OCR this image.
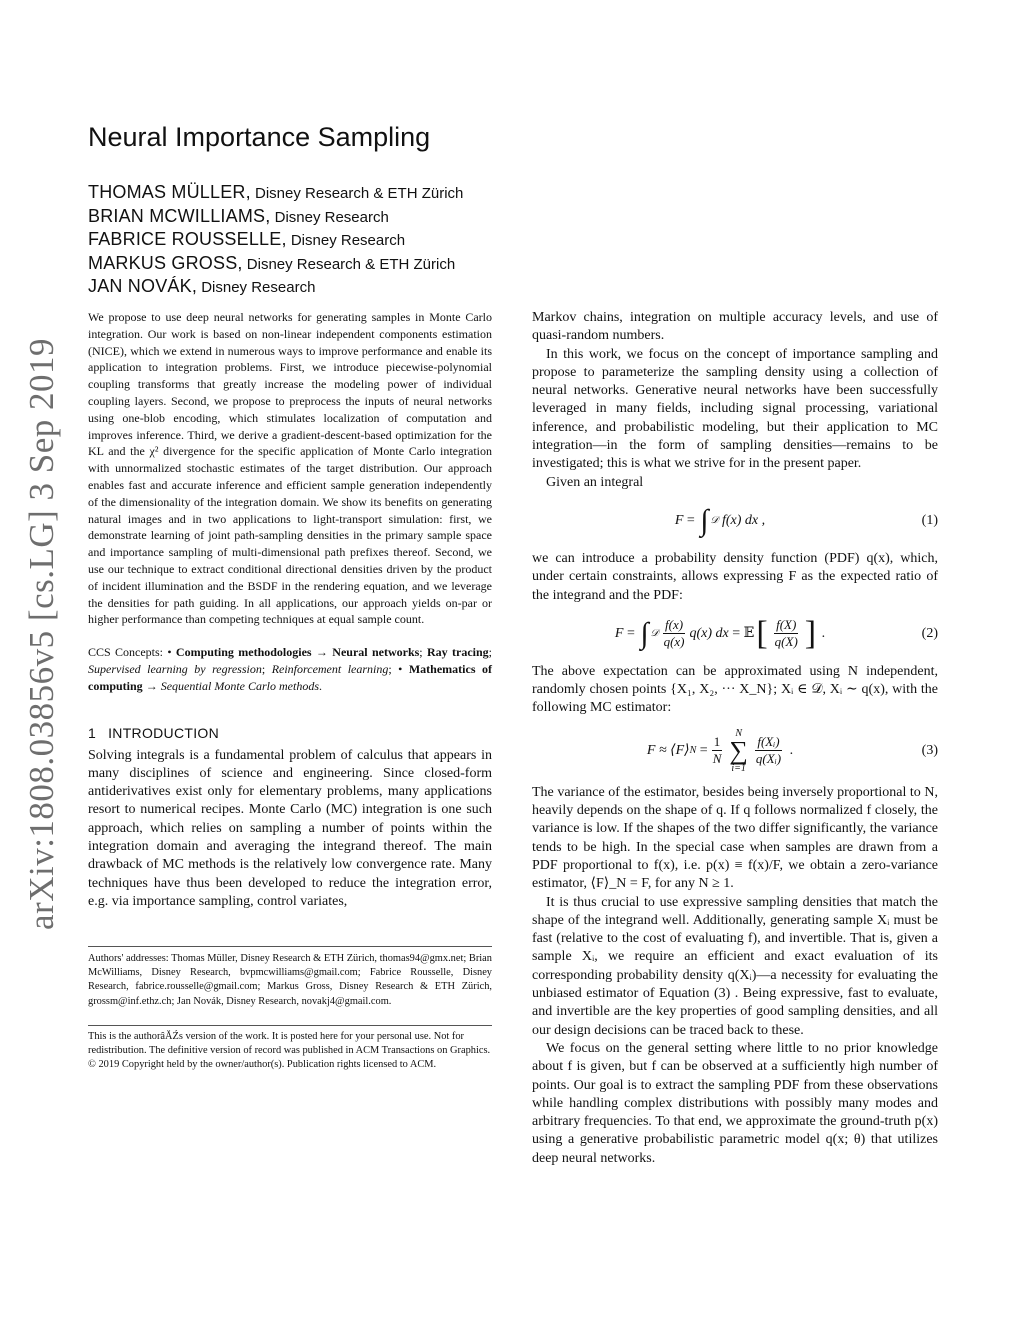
arXiv:1808.03856v5 [cs.LG] 3 Sep 2019
Neural Importance Sampling
THOMAS MÜLLER, Disney Research & ETH Zürich
BRIAN MCWILLIAMS, Disney Research
FABRICE ROUSSELLE, Disney Research
MARKUS GROSS, Disney Research & ETH Zürich
JAN NOVÁK, Disney Research

We propose to use deep neural networks for generating samples in Monte Carlo integration. Our work is based on non-linear independent components estimation (NICE), which we extend in numerous ways to improve performance and enable its application to integration problems. First, we introduce piecewise-polynomial coupling transforms that greatly increase the modeling power of individual coupling layers. Second, we propose to preprocess the inputs of neural networks using one-blob encoding, which stimulates localization of computation and improves inference. Third, we derive a gradient-descent-based optimization for the KL and the χ² divergence for the specific application of Monte Carlo integration with unnormalized stochastic estimates of the target distribution. Our approach enables fast and accurate inference and efficient sample generation independently of the dimensionality of the integration domain. We show its benefits on generating natural images and in two applications to light-transport simulation: first, we demonstrate learning of joint path-sampling densities in the primary sample space and importance sampling of multi-dimensional path prefixes thereof. Second, we use our technique to extract conditional directional densities driven by the product of incident illumination and the BSDF in the rendering equation, and we leverage the densities for path guiding. In all applications, our approach yields on-par or higher performance than competing techniques at equal sample count.

CCS Concepts: • Computing methodologies → Neural networks; Ray tracing; Supervised learning by regression; Reinforcement learning; • Mathematics of computing → Sequential Monte Carlo methods.

1 INTRODUCTION

Solving integrals is a fundamental problem of calculus that appears in many disciplines of science and engineering. Since closed-form antiderivatives exist only for elementary problems, many applications resort to numerical recipes. Monte Carlo (MC) integration is one such approach, which relies on sampling a number of points within the integration domain and averaging the integrand thereof. The main drawback of MC methods is the relatively low convergence rate. Many techniques have thus been developed to reduce the integration error, e.g. via importance sampling, control variates,

Authors' addresses: Thomas Müller, Disney Research & ETH Zürich, thomas94@gmx.net; Brian McWilliams, Disney Research, bvpmcwilliams@gmail.com; Fabrice Rousselle, Disney Research, fabrice.rousselle@gmail.com; Markus Gross, Disney Research & ETH Zürich, grossm@inf.ethz.ch; Jan Novák, Disney Research, novakj4@gmail.com.
This is the authorâĂŹs version of the work. It is posted here for your personal use. Not for redistribution. The definitive version of record was published in ACM Transactions on Graphics.
© 2019 Copyright held by the owner/author(s). Publication rights licensed to ACM.

Markov chains, integration on multiple accuracy levels, and use of quasi-random numbers.

In this work, we focus on the concept of importance sampling and propose to parameterize the sampling density using a collection of neural networks. Generative neural networks have been successfully leveraged in many fields, including signal processing, variational inference, and probabilistic modeling, but their application to MC integration—in the form of sampling densities—remains to be investigated; this is what we strive for in the present paper.

Given an integral

F
=
∫ 𝒟
f(x) dx ,	(1)

we can introduce a probability density function (PDF) q(x), which, under certain constraints, allows expressing F as the expected ratio of the integrand and the PDF:

F
=
∫ 𝒟 $\frac{f(x)}{q(x)} q(x)$ dx
=
𝔼 [ $\frac{f(X)}{q(X)}$ ]
.	(2)

The above expectation can be approximated using N independent, randomly chosen points {X₁, X₂, ··· X_N}; Xᵢ ∈ 𝒟, Xᵢ ∼ q(x), with the following MC estimator:

F ≈ ⟨F⟩ N
= $\frac{1}{N}$
N
∑
i=1
$\frac{\text{f(Xᵢ)}}{\text{q(Xᵢ)}}$
.	(3)

The variance of the estimator, besides being inversely proportional to N, heavily depends on the shape of q. If q follows normalized f closely, the variance is low. If the shapes of the two differ significantly, the variance tends to be high. In the special case when samples are drawn from a PDF proportional to f(x), i.e. p(x) ≡ f(x)/F, we obtain a zero-variance estimator, ⟨F⟩_N = F, for any N ≥ 1.

It is thus crucial to use expressive sampling densities that match the shape of the integrand well. Additionally, generating sample Xᵢ must be fast (relative to the cost of evaluating f), and invertible. That is, given a sample Xᵢ, we require an efficient and exact evaluation of its corresponding probability density q(Xᵢ)—a necessity for evaluating the unbiased estimator of Equation (3) . Being expressive, fast to evaluate, and invertible are the key properties of good sampling densities, and all our design decisions can be traced back to these.

We focus on the general setting where little to no prior knowledge about f is given, but f can be observed at a sufficiently high number of points. Our goal is to extract the sampling PDF from these observations while handling complex distributions with possibly many modes and arbitrary frequencies. To that end, we approximate the ground-truth p(x) using a generative probabilistic parametric model q(x; θ) that utilizes deep neural networks.
